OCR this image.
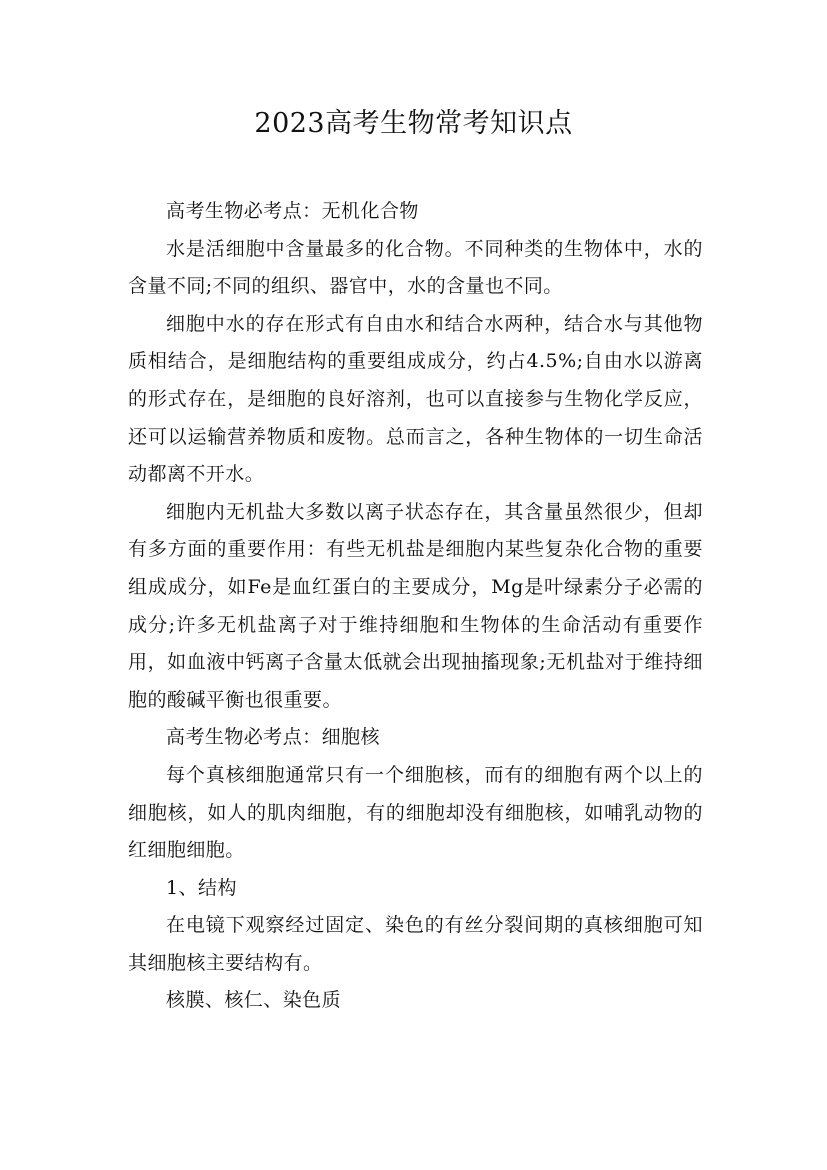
2023高考生物常考知识点

高考生物必考点：无机化合物

水是活细胞中含量最多的化合物。不同种类的生物体中，水的含量不同;不同的组织、器官中，水的含量也不同。

细胞中水的存在形式有自由水和结合水两种，结合水与其他物质相结合，是细胞结构的重要组成成分，约占4.5%;自由水以游离的形式存在，是细胞的良好溶剂，也可以直接参与生物化学反应，还可以运输营养物质和废物。总而言之，各种生物体的一切生命活动都离不开水。

细胞内无机盐大多数以离子状态存在，其含量虽然很少，但却有多方面的重要作用：有些无机盐是细胞内某些复杂化合物的重要组成成分，如Fe是血红蛋白的主要成分，Mg是叶绿素分子必需的成分;许多无机盐离子对于维持细胞和生物体的生命活动有重要作用，如血液中钙离子含量太低就会出现抽搐现象;无机盐对于维持细胞的酸碱平衡也很重要。

高考生物必考点：细胞核

每个真核细胞通常只有一个细胞核，而有的细胞有两个以上的细胞核，如人的肌肉细胞，有的细胞却没有细胞核，如哺乳动物的红细胞细胞。

1、结构

在电镜下观察经过固定、染色的有丝分裂间期的真核细胞可知其细胞核主要结构有。

核膜、核仁、染色质
